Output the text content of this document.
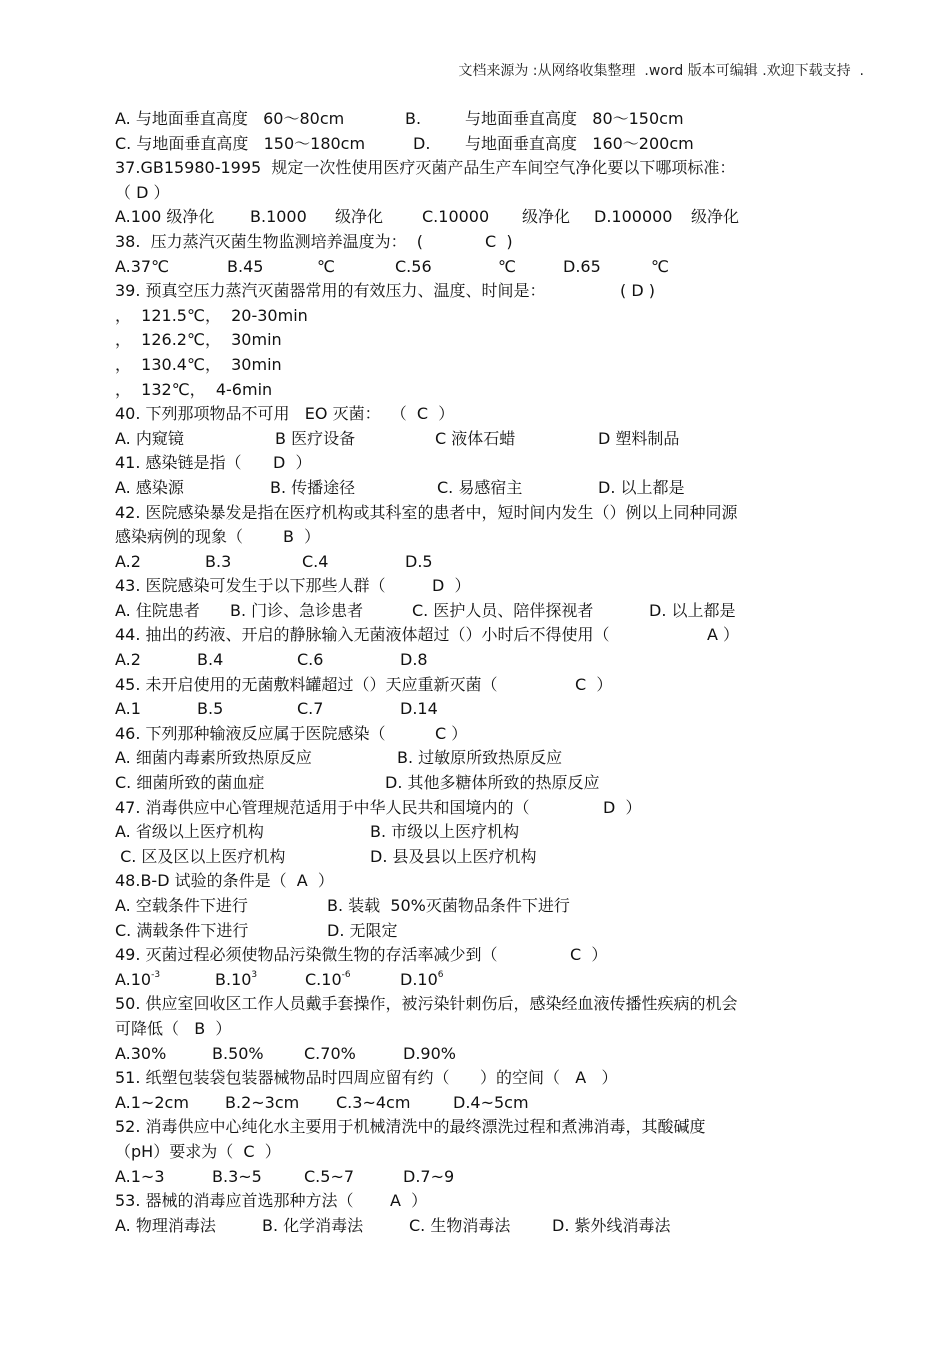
文档来源为 :从网络收集整理  .word 版本可编辑 .欢迎下载支持  .
A. 与地面垂直高度   60～80cm	B.	与地面垂直高度   80～150cm
C. 与地面垂直高度   150～180cm	D. 与地面垂直高度   160～200cm
37.GB15980-1995  规定一次性使用医疗灭菌产品生产车间空气净化要以下哪项标准：
（ D ）
A.100 级净化 B.1000 级净化 C.10000 级净化 D.100000 级净化
38.  压力蒸汽灭菌生物监测培养温度为：  (	C  )
A.37℃	B.45	℃	C.56	℃	D.65	℃
39. 预真空压力蒸汽灭菌器常用的有效压力、温度、时间是：	( D )
，  121.5℃，  20-30min
，  126.2℃，  30min
，  130.4℃，  30min
，  132℃，  4-6min
40. 下列那项物品不可用   EO 灭菌：  （  C  ）
A. 内窥镜	B 医疗设备	C 液体石蜡	D 塑料制品
41. 感染链是指（ D  ）
A. 感染源	B. 传播途径	C. 易感宿主	D. 以上都是
42. 医院感染暴发是指在医疗机构或其科室的患者中，短时间内发生（）例以上同种同源
感染病例的现象（ B  ）
A.2	B.3	C.4	D.5
43. 医院感染可发生于以下那些人群（	D  ）
A. 住院患者 B. 门诊、急诊患者	C. 医护人员、陪伴探视者	D. 以上都是
44. 抽出的药液、开启的静脉输入无菌液体超过（）小时后不得使用（	A ）
A.2	B.4	C.6	D.8
45. 未开启使用的无菌敷料罐超过（）天应重新灭菌（	C  ）
A.1	B.5	C.7	D.14
46. 下列那种输液反应属于医院感染（	C ）
A. 细菌内毒素所致热原反应	B. 过敏原所致热原反应
C. 细菌所致的菌血症	D. 其他多糖体所致的热原反应
47. 消毒供应中心管理规范适用于中华人民共和国境内的（	D  ）
A. 省级以上医疗机构	B. 市级以上医疗机构
C. 区及区以上医疗机构	D. 县及县以上医疗机构
48.B-D 试验的条件是（  A  ）
A. 空载条件下进行	B. 装载  50%灭菌物品条件下进行
C. 满载条件下进行	D. 无限定
49. 灭菌过程必须使物品污染微生物的存活率减少到（	C  ）
$A.10^{-3}$	$B.10^3$	$C.10^{-6}$	$D.10^6$
50. 供应室回收区工作人员戴手套操作，被污染针刺伤后，感染经血液传播性疾病的机会
可降低（   B  ）
A.30%	B.50%	C.70%	D.90%
51. 纸塑包装袋包装器械物品时四周应留有约（      ）的空间（   A   ）
A.1~2cm B.2~3cm C.3~4cm	D.4~5cm
52. 消毒供应中心纯化水主要用于机械清洗中的最终漂洗过程和煮沸消毒，其酸碱度
（pH）要求为（  C  ）
A.1~3	B.3~5	C.5~7	D.7~9
53. 器械的消毒应首选那种方法（ A  ）
A. 物理消毒法	B. 化学消毒法	C. 生物消毒法	D. 紫外线消毒法
